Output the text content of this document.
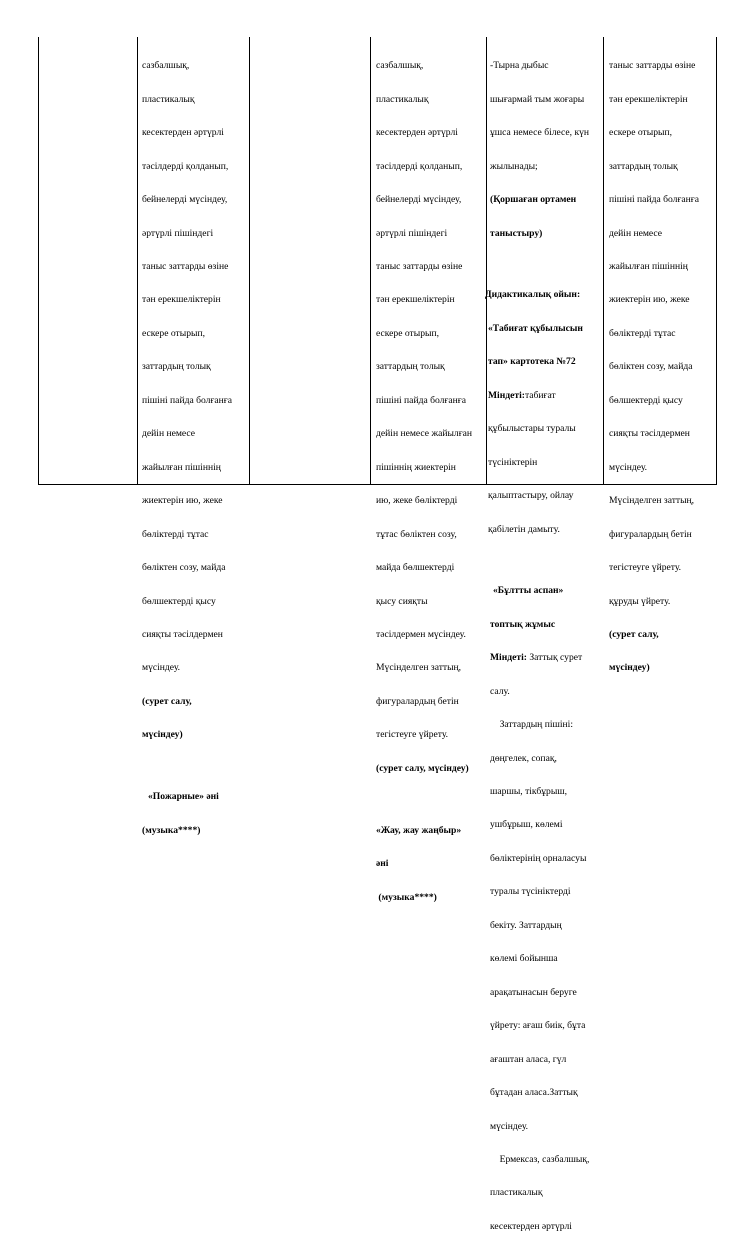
сазбалшық,

пластикалық

кесектерден әртүрлі

тәсілдерді қолданып,

бейнелерді мүсіндеу,

әртүрлі пішіндегі

таныс заттарды өзіне

тән ерекшеліктерін

ескере отырып,

заттардың толық

пішіні пайда болғанға

дейін немесе

жайылған пішіннің

жиектерін ию, жеке

бөліктерді тұтас

бөліктен созу, майда

бөлшектерді қысу

сияқты тәсілдермен

мүсіндеу.

(сурет салу,

мүсіндеу)

«Пожарные» әні

(музыка****)

сазбалшық,

пластикалық

кесектерден әртүрлі

тәсілдерді қолданып,

бейнелерді мүсіндеу,

әртүрлі пішіндегі

таныс заттарды өзіне

тән ерекшеліктерін

ескере отырып,

заттардың толық

пішіні пайда болғанға

дейін немесе жайылған

пішіннің жиектерін

ию, жеке бөліктерді

тұтас бөліктен созу,

майда бөлшектерді

қысу сияқты

тәсілдермен мүсіндеу.

Мүсінделген заттың,

фигуралардың бетін

тегістеуге үйрету.

(сурет салу, мүсіндеу)

«Жау, жау жаңбыр»

әні

(музыка****)

-Тырна дыбыс

шығармай тым жоғары

ұшса немесе білесе, күн

жылынады;

(Қоршаған ортамен

таныстыру)

Дидактикалық ойын:

«Табиғат құбылысын

тап» картотека №72

Міндеті:табиғат

құбылыстары туралы

түсініктерін

қалыптастыру, ойлау

қабілетін дамыту.

«Бұлтты аспан»

топтық жұмыс

Міндеті: Заттық сурет

салу.

Заттардың пішіні:

дөңгелек, сопақ,

шаршы, тікбұрыш,

ушбұрыш, көлемі

бөліктерінің орналасуы

туралы түсініктерді

бекіту. Заттардың

көлемі бойынша

арақатынасын беруге

үйрету: ағаш биік, бұта

ағаштан аласа, гүл

бұтадан аласа.Заттық

мүсіндеу.

Ермексаз, сазбалшық,

пластикалық

кесектерден әртүрлі

таныс заттарды өзіне

тән ерекшеліктерін

ескере отырып,

заттардың толық

пішіні пайда болғанға

дейін немесе

жайылған пішіннің

жиектерін ию, жеке

бөліктерді тұтас

бөліктен созу, майда

бөлшектерді қысу

сияқты тәсілдермен

мүсіндеу.

Мүсінделген заттың,

фигуралардың бетін

тегістеуге үйрету.

құруды үйрету.

(сурет салу,

мүсіндеу)
